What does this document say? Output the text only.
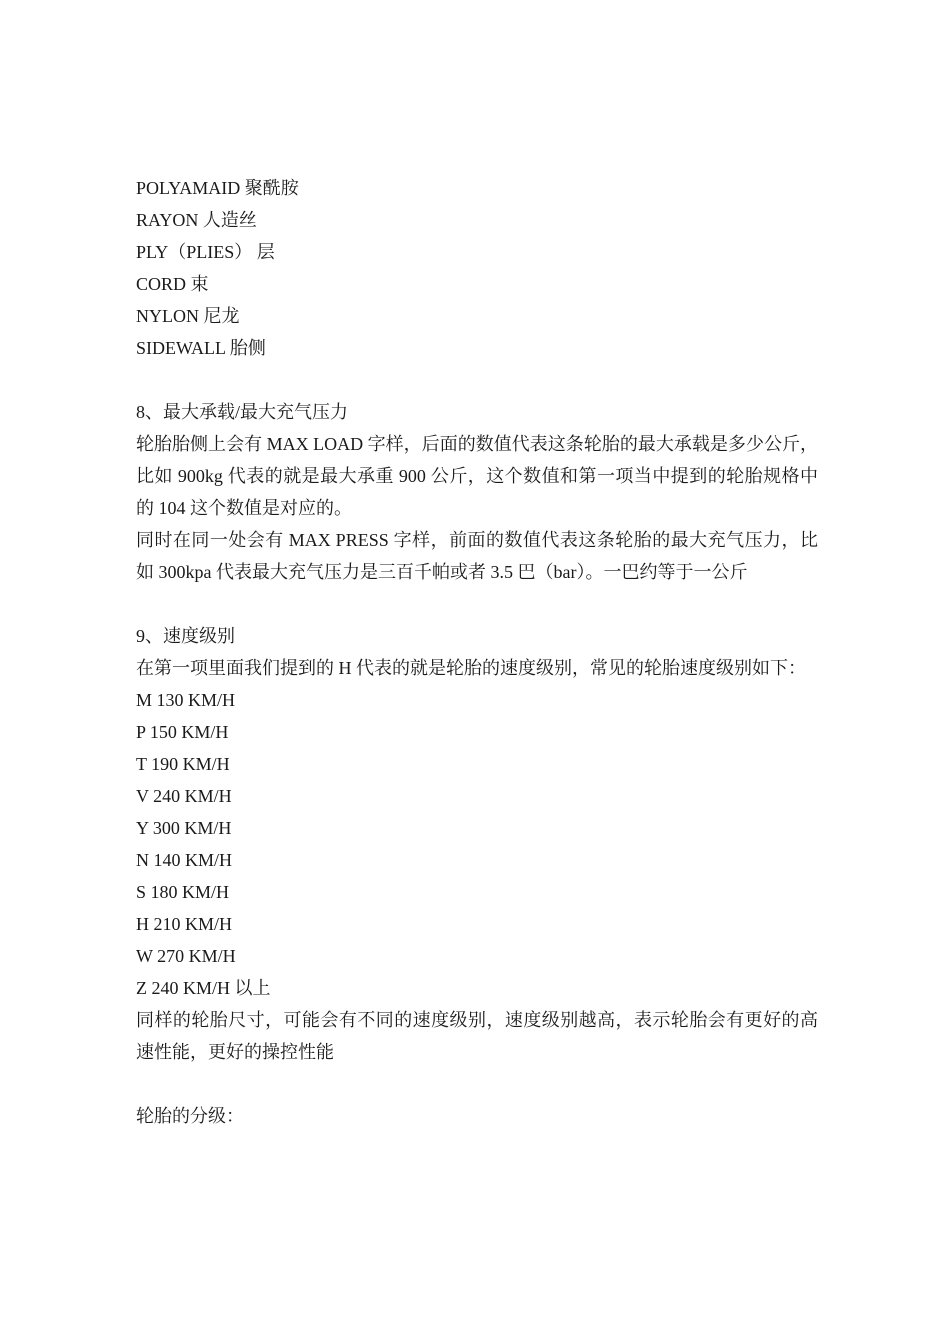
POLYAMAID 聚酰胺
RAYON 人造丝
PLY（PLIES） 层
CORD 束
NYLON 尼龙
SIDEWALL 胎侧
8、最大承载/最大充气压力
轮胎胎侧上会有 MAX LOAD 字样，后面的数值代表这条轮胎的最大承载是多少公斤，比如 900kg 代表的就是最大承重 900 公斤，这个数值和第一项当中提到的轮胎规格中的 104 这个数值是对应的。
同时在同一处会有 MAX PRESS 字样，前面的数值代表这条轮胎的最大充气压力，比如 300kpa 代表最大充气压力是三百千帕或者 3.5 巴（bar）。一巴约等于一公斤
9、速度级别
在第一项里面我们提到的 H 代表的就是轮胎的速度级别，常见的轮胎速度级别如下：
M 130 KM/H
P 150 KM/H
T 190 KM/H
V 240 KM/H
Y 300 KM/H
N 140 KM/H
S 180 KM/H
H 210 KM/H
W 270 KM/H
Z 240 KM/H 以上
同样的轮胎尺寸，可能会有不同的速度级别，速度级别越高，表示轮胎会有更好的高速性能，更好的操控性能
轮胎的分级：
